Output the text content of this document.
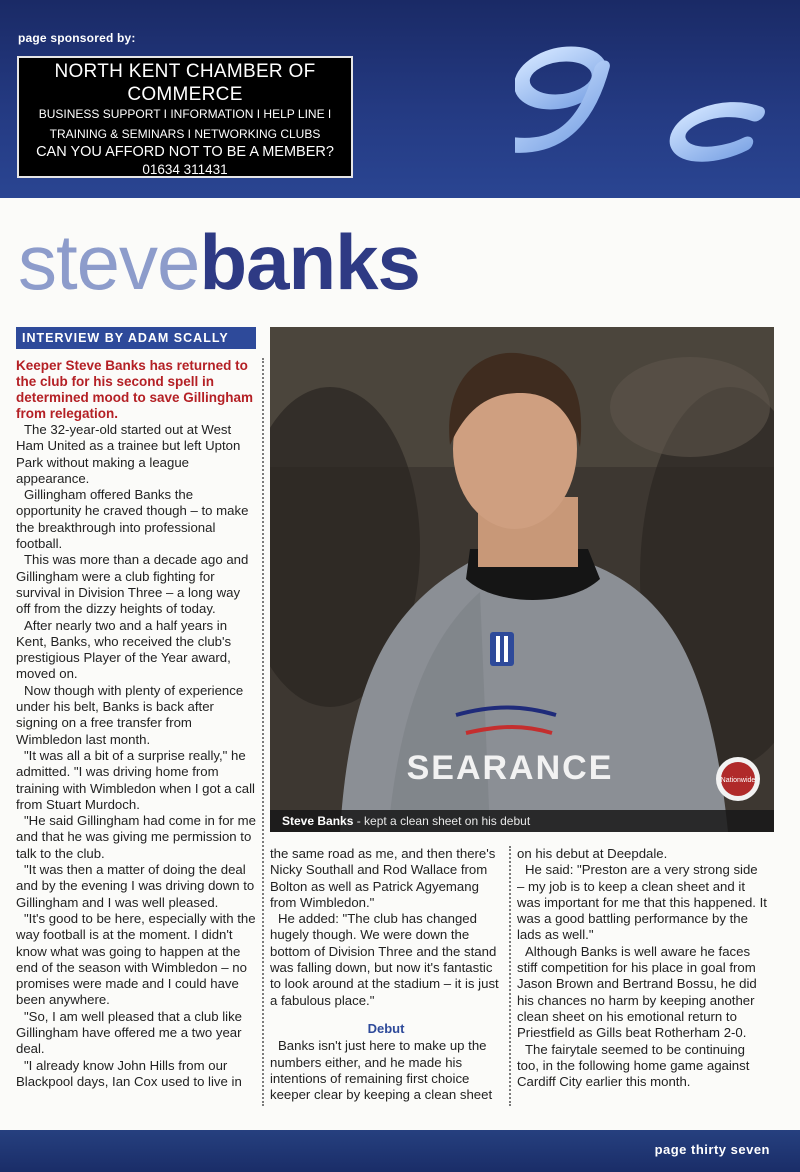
page sponsored by:
NORTH KENT CHAMBER OF
COMMERCE
BUSINESS SUPPORT I INFORMATION I HELP LINE I
TRAINING & SEMINARS I NETWORKING CLUBS
CAN YOU AFFORD NOT TO BE A MEMBER?
01634 311431
stevebanks
INTERVIEW BY ADAM SCALLY

Keeper Steve Banks has returned to the club for his second spell in determined mood to save Gillingham from relegation.

The 32-year-old started out at West Ham United as a trainee but left Upton Park without making a league appearance.

Gillingham offered Banks the opportunity he craved though – to make the breakthrough into professional football.

This was more than a decade ago and Gillingham were a club fighting for survival in Division Three – a long way off from the dizzy heights of today.

After nearly two and a half years in Kent, Banks, who received the club's prestigious Player of the Year award, moved on.

Now though with plenty of experience under his belt, Banks is back after signing on a free transfer from Wimbledon last month.

"It was all a bit of a surprise really," he admitted. "I was driving home from training with Wimbledon when I got a call from Stuart Murdoch.

"He said Gillingham had come in for me and that he was giving me permission to talk to the club.

"It was then a matter of doing the deal and by the evening I was driving down to Gillingham and I was well pleased.

"It's good to be here, especially with the way football is at the moment. I didn't know what was going to happen at the end of the season with Wimbledon – no promises were made and I could have been anywhere.

"So, I am well pleased that a club like Gillingham have offered me a two year deal.

"I already know John Hills from our Blackpool days, Ian Cox used to live in

SEARANCE	Nationwide
Steve Banks - kept a clean sheet on his debut

the same road as me, and then there's Nicky Southall and Rod Wallace from Bolton as well as Patrick Agyemang from Wimbledon."

He added: "The club has changed hugely though. We were down the bottom of Division Three and the stand was falling down, but now it's fantastic to look around at the stadium – it is just a fabulous place."

Debut

Banks isn't just here to make up the numbers either, and he made his intentions of remaining first choice keeper clear by keeping a clean sheet

on his debut at Deepdale.

He said: "Preston are a very strong side – my job is to keep a clean sheet and it was important for me that this happened. It was a good battling performance by the lads as well."

Although Banks is well aware he faces stiff competition for his place in goal from Jason Brown and Bertrand Bossu, he did his chances no harm by keeping another clean sheet on his emotional return to Priestfield as Gills beat Rotherham 2-0.

The fairytale seemed to be continuing too, in the following home game against Cardiff City earlier this month.

page thirty seven
